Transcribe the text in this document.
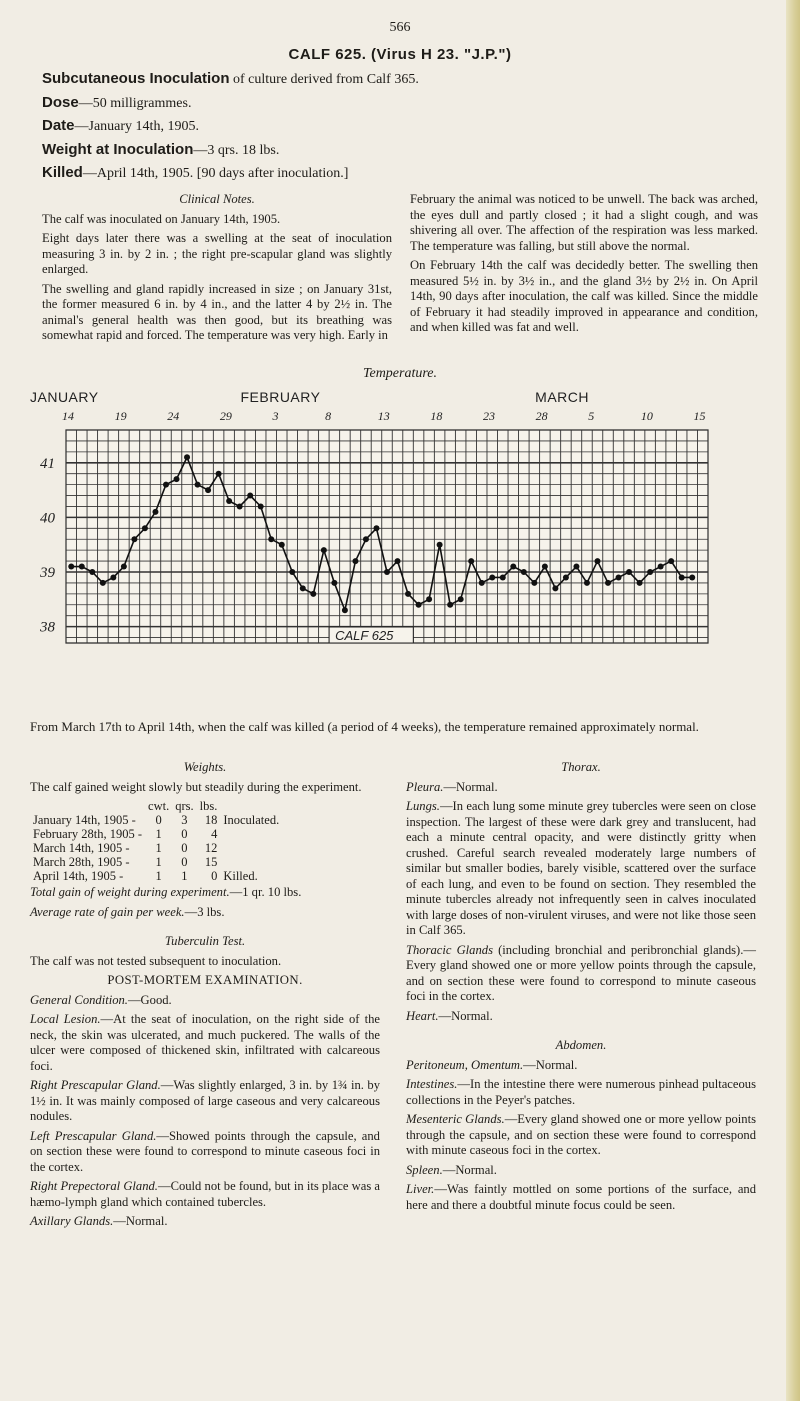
566
CALF 625. (Virus H 23. "J.P.")
Subcutaneous Inoculation of culture derived from Calf 365.
Dose—50 milligrammes.
Date—January 14th, 1905.
Weight at Inoculation—3 qrs. 18 lbs.
Killed—April 14th, 1905. [90 days after inoculation.]

Clinical Notes.

The calf was inoculated on January 14th, 1905.

Eight days later there was a swelling at the seat of inoculation measuring 3 in. by 2 in. ; the right pre-scapular gland was slightly enlarged.

The swelling and gland rapidly increased in size ; on January 31st, the former measured 6 in. by 4 in., and the latter 4 by 2½ in. The animal's general health was then good, but its breathing was somewhat rapid and forced. The temperature was very high. Early in

February the animal was noticed to be unwell. The back was arched, the eyes dull and partly closed ; it had a slight cough, and was shivering all over. The affection of the respiration was less marked. The temperature was falling, but still above the normal.

On February 14th the calf was decidedly better. The swelling then measured 5½ in. by 3½ in., and the gland 3½ by 2½ in. On April 14th, 90 days after inoculation, the calf was killed. Since the middle of February it had steadily improved in appearance and condition, and when killed was fat and well.

Temperature.
JANUARY	FEBRUARY	MARCH
14	19	24	29	3	8	13	18	23	28	5	10	15
41
40
39
38	CALF 625
From March 17th to April 14th, when the calf was killed (a period of 4 weeks), the temperature remained approximately normal.

Weights.

The calf gained weight slowly but steadily during the experiment.

	cwt.	qrs.	lbs.	
January 14th, 1905 -	0	3	18	Inoculated.
February 28th, 1905 -	1	0	4	
March 14th, 1905 -	1	0	12	
March 28th, 1905 -	1	0	15	
April 14th, 1905 -	1	1	0	Killed.

Total gain of weight during experiment.—1 qr. 10 lbs.

Average rate of gain per week.—3 lbs.

Tuberculin Test.

The calf was not tested subsequent to inoculation.

POST-MORTEM EXAMINATION.

General Condition.—Good.

Local Lesion.—At the seat of inoculation, on the right side of the neck, the skin was ulcerated, and much puckered. The walls of the ulcer were composed of thickened skin, infiltrated with calcareous foci.

Right Prescapular Gland.—Was slightly enlarged, 3 in. by 1¾ in. by 1½ in. It was mainly composed of large caseous and very calcareous nodules.

Left Prescapular Gland.—Showed points through the capsule, and on section these were found to correspond to minute caseous foci in the cortex.

Right Prepectoral Gland.—Could not be found, but in its place was a hæmo-lymph gland which contained tubercles.

Axillary Glands.—Normal.

Thorax.

Pleura.—Normal.

Lungs.—In each lung some minute grey tubercles were seen on close inspection. The largest of these were dark grey and translucent, had each a minute central opacity, and were distinctly gritty when crushed. Careful search revealed moderately large numbers of similar but smaller bodies, barely visible, scattered over the surface of each lung, and even to be found on section. They resembled the minute tubercles already not infrequently seen in calves inoculated with large doses of non-virulent viruses, and were not like those seen in Calf 365.

Thoracic Glands (including bronchial and peribronchial glands).—Every gland showed one or more yellow points through the capsule, and on section these were found to correspond to minute caseous foci in the cortex.

Heart.—Normal.

Abdomen.

Peritoneum, Omentum.—Normal.

Intestines.—In the intestine there were numerous pinhead pultaceous collections in the Peyer's patches.

Mesenteric Glands.—Every gland showed one or more yellow points through the capsule, and on section these were found to correspond with minute caseous foci in the cortex.

Spleen.—Normal.

Liver.—Was faintly mottled on some portions of the surface, and here and there a doubtful minute focus could be seen.
